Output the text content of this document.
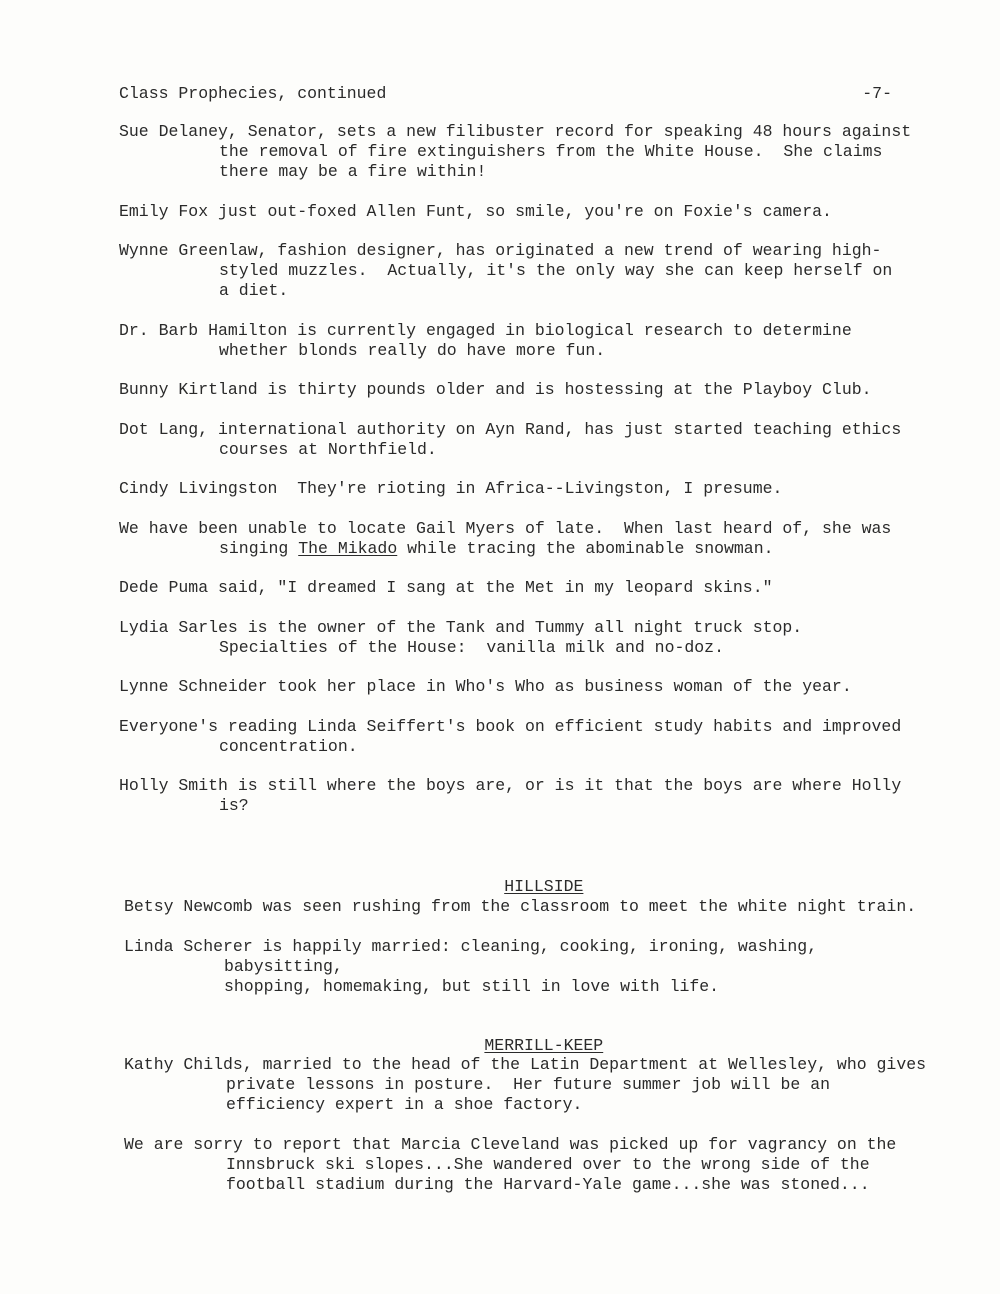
Class Prophecies, continued	-7-

Sue Delaney, Senator, sets a new filibuster record for speaking 48 hours against
the removal of fire extinguishers from the White House.  She claims
there may be a fire within!

Emily Fox just out-foxed Allen Funt, so smile, you're on Foxie's camera.

Wynne Greenlaw, fashion designer, has originated a new trend of wearing high-
styled muzzles.  Actually, it's the only way she can keep herself on
a diet.

Dr. Barb Hamilton is currently engaged in biological research to determine
whether blonds really do have more fun.

Bunny Kirtland is thirty pounds older and is hostessing at the Playboy Club.

Dot Lang, international authority on Ayn Rand, has just started teaching ethics
courses at Northfield.

Cindy Livingston  They're rioting in Africa--Livingston, I presume.

We have been unable to locate Gail Myers of late.  When last heard of, she was
singing The Mikado while tracing the abominable snowman.

Dede Puma said, "I dreamed I sang at the Met in my leopard skins."

Lydia Sarles is the owner of the Tank and Tummy all night truck stop.
Specialties of the House:  vanilla milk and no-doz.

Lynne Schneider took her place in Who's Who as business woman of the year.

Everyone's reading Linda Seiffert's book on efficient study habits and improved
concentration.

Holly Smith is still where the boys are, or is it that the boys are where Holly
is?

HILLSIDE

Betsy Newcomb was seen rushing from the classroom to meet the white night train.

Linda Scherer is happily married: cleaning, cooking, ironing, washing, babysitting,
shopping, homemaking, but still in love with life.

MERRILL-KEEP

Kathy Childs, married to the head of the Latin Department at Wellesley, who gives
private lessons in posture.  Her future summer job will be an
efficiency expert in a shoe factory.

We are sorry to report that Marcia Cleveland was picked up for vagrancy on the
Innsbruck ski slopes...She wandered over to the wrong side of the
football stadium during the Harvard-Yale game...she was stoned...
